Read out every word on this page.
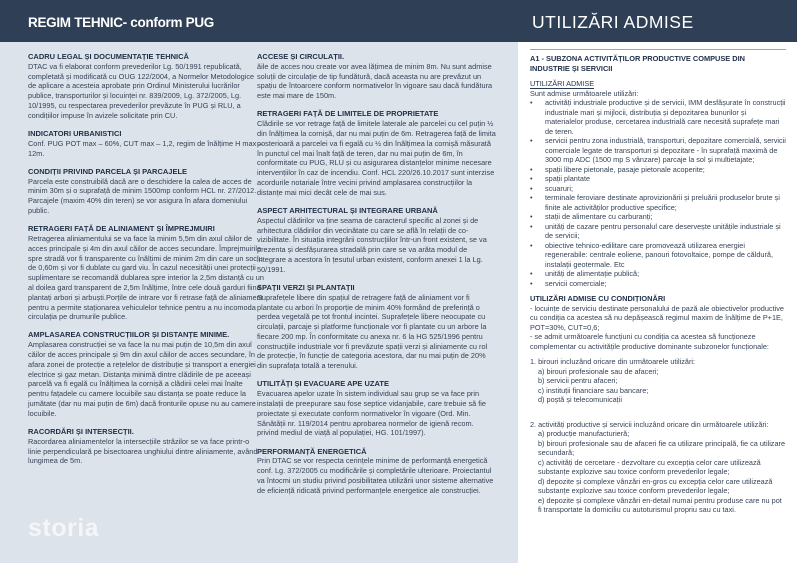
REGIM TEHNIC- conform PUG
CADRU LEGAL ȘI DOCUMENTAȚIE TEHNICĂ

DTAC va fi elaborat conform prevederilor Lg. 50/1991 republicată, completată și modificată cu OUG 122/2004, a Normelor Metodologice de aplicare a acesteia aprobate prin Ordinul Ministerului lucrărilor publice, transporturilor și locuinței nr. 839/2009, Lg. 372/2005, Lg. 10/1995, cu respectarea prevederilor prevăzute în PUG și RLU, a condițiilor impuse în avizele solicitate prin CU.

INDICATORI URBANISTICI

Conf. PUG POT max – 60%, CUT max – 1,2, regim de înălțime H max – 12m.

CONDIȚII PRIVIND PARCELA ȘI PARCAJELE

Parcela este construibilă dacă are o deschidere la calea de acces de minim 30m și o suprafață de minim 1500mp conform HCL nr. 27/2012. Parcajele (maxim 40% din teren) se vor asigura în afara domeniului public.

RETRAGERI FAȚĂ DE ALINIAMENT ȘI ÎMPREJMUIRI

Retragerea aliniamentului se va face la minim 5,5m din axul căilor de acces principale și 4m din axul căilor de acces secundare. Împrejmuirile spre stradă vor fi transparente cu înălțimi de minim 2m din care un soclu de 0,60m și vor fi dublate cu gard viu. În cazul necesității unei protecții suplimentare se recomandă dublarea spre interior la 2,5m distanță cu un al doilea gard transparent de 2,5m înălțime, între cele două garduri fiind plantați arbori și arbuști.Porțile de intrare vor fi retrase față de aliniament pentru a permite staționarea vehiculelor tehnice pentru a nu incomoda circulația pe drumurile publice.

AMPLASAREA CONSTRUCȚIILOR ȘI DISTANȚE MINIME.

Amplasarea construcției se va face la nu mai puțin de 10,5m din axul căilor de acces principale și 9m din axul căilor de acces secundare, în afara zonei de protecție a rețelelor de distribuție și transport a energiei electrice și gaz metan. Distanța minimă dintre clădirile de pe aceeași parcelă va fi egală cu înălțimea la cornișă a clădirii celei mai înalte pentru fațadele cu camere locuibile sau distanța se poate reduce la jumătate (dar nu mai puțin de 6m) dacă fronturile opuse nu au camere locuibile.

RACORDĂRI ȘI INTERSECȚII.

Racordarea aliniamentelor la intersecțiile străzilor se va face printr-o linie perpendiculară pe bisectoarea unghiului dintre aliniamente, având lungimea de 5m.

ACCESE ȘI CIRCULAȚII.

ăile de acces nou create vor avea lățimea de minim 8m. Nu sunt admise soluții de circulație de tip fundătură, dacă aceasta nu are prevăzut un spațiu de întoarcere conform normativelor în vigoare sau dacă fundătura este mai mare de 150m.

RETRAGERI FAȚĂ DE LIMITELE DE PROPRIETATE

Clădirile se vor retrage față de limitele laterale ale parcelei cu cel puțin ½ din înălțimea la cornișă, dar nu mai puțin de 6m. Retragerea față de limita posterioară a parcelei va fi egală cu ½ din înălțimea la cornișă măsurată în punctul cel mai înalt față de teren, dar nu mai puțin de 6m, în conformitate cu PUG, RLU și cu asigurarea distanțelor minime necesare intervențiilor în caz de incendiu. Conf. HCL 220/26.10.2017 sunt interzise acordurile notariale între vecini privind amplasarea construcțiilor la distanțe mai mici decât cele de mai sus.

ASPECT ARHITECTURAL ȘI INTEGRARE URBANĂ

Aspectul clădirilor va ține seama de caracterul specific al zonei și de arhitectura clădirilor din vecinătate cu care se află în relații de co-vizibilitate. În situația integrării construcțiilor într-un front existent, se va prezenta și desfășurarea stradală prin care se va arăta modul de integrare a acestora în țesutul urban existent, conform anexei 1 la Lg. 50/1991.

SPAȚII VERZI ȘI PLANTAȚII

Suprafețele libere din spațiul de retragere față de aliniament vor fi plantate cu arbori în proporție de minim 40% formând de preferință o perdea vegetală pe tot frontul incintei. Suprafețele libere neocupate cu circulații, parcaje și platforme funcționale vor fi plantate cu un arbore la fiecare 200 mp. În conformitate cu anexa nr. 6 la HG 525/1996 pentru construcțiile industriale vor fi prevăzute spații verzi și aliniamente cu rol de protecție, în funcție de categoria acestora, dar nu mai puțin de 20% din suprafața totală a terenului.

UTILITĂȚI ȘI EVACUARE APE UZATE

Evacuarea apelor uzate în sistem individual sau grup se va face prin instalații de preepurare sau fose septice vidanjabile, care trebuie să fie proiectate și executate conform normativelor în vigoare (Ord. Min. Sănătății nr. 119/2014 pentru aprobarea normelor de igienă recom. privind mediul de viață al populației, HG. 101/1997).

PERFORMANȚĂ ENERGETICĂ

Prin DTAC se vor respecta cerințele minime de performanță energetică conf. Lg. 372/2005 cu modificările și completările ulterioare. Proiectantul va întocmi un studiu privind posibilitatea utilizării unor sisteme alternative de eficiență ridicată privind performanțele energetice ale construcției.

storia
UTILIZĂRI ADMISE
A1 - SUBZONA ACTIVITĂȚILOR PRODUCTIVE COMPUSE DIN INDUSTRIE ȘI SERVICII
UTILIZĂRI ADMISE
Sunt admise următoarele utilizări:
• activități industriale productive și de servicii, IMM desfășurate în construcții industriale mari și mijlocii, distribuția și depozitarea bunurilor și materialelor produse, cercetarea industrială care necesită suprafețe mari de teren.
• servicii pentru zona industrială, transporturi, depozitare comercială, servicii comerciale legate de transporturi și depozitare - în suprafață maximă de 3000 mp ADC (1500 mp S vânzare) parcaje la sol și multietajate;
• spații libere pietonale, pasaje pietonale acoperite;
• spații plantate
• scuaruri;
• terminale feroviare destinate aprovizionării și preluării produselor brute și finite ale activităților productive specifice;
• stații de alimentare cu carburanți;
• unități de cazare pentru personalul care deservește unitățile industriale și de servicii;
• obiective tehnico-edilitare care promovează utilizarea energiei regenerabile: centrale eoliene, panouri fotovoltaice, pompe de căldură, instalații geotermale. Etc
• unități de alimentație publică;
• servicii comerciale;
UTILIZĂRI ADMISE CU CONDIȚIONĂRI

- locuințe de serviciu destinate personalului de pază ale obiectivelor productive cu condiția ca acestea să nu depășească regimul maxim de înălțime de P+1E, POT=30%, CUT=0,6;

- se admit următoarele funcțiuni cu condiția ca acestea să funcționeze complementar cu activitățile productive dominante subzonelor funcționale:

1. birouri incluzând oricare din următoarele utilizări:
a) birouri profesionale sau de afaceri;
b) servicii pentru afaceri;
c) instituții financiare sau bancare;
d) poștă și telecomunicații
2. activități productive și servicii incluzând oricare din următoarele utilizări:
a) producție manufacturieră;
b) birouri profesionale sau de afaceri fie ca utilizare principală, fie ca utilizare secundară;
c) activități de cercetare - dezvoltare cu excepția celor care utilizează substanțe explozive sau toxice conform prevederilor legale;
d) depozite și complexe vânzări en-gros cu excepția celor care utilizează substanțe explozive sau toxice conform prevederilor legale;
e) depozite și complexe vânzări en-detail numai pentru produse care nu pot fi transportate la domiciliu cu autoturismul propriu sau cu taxi.
